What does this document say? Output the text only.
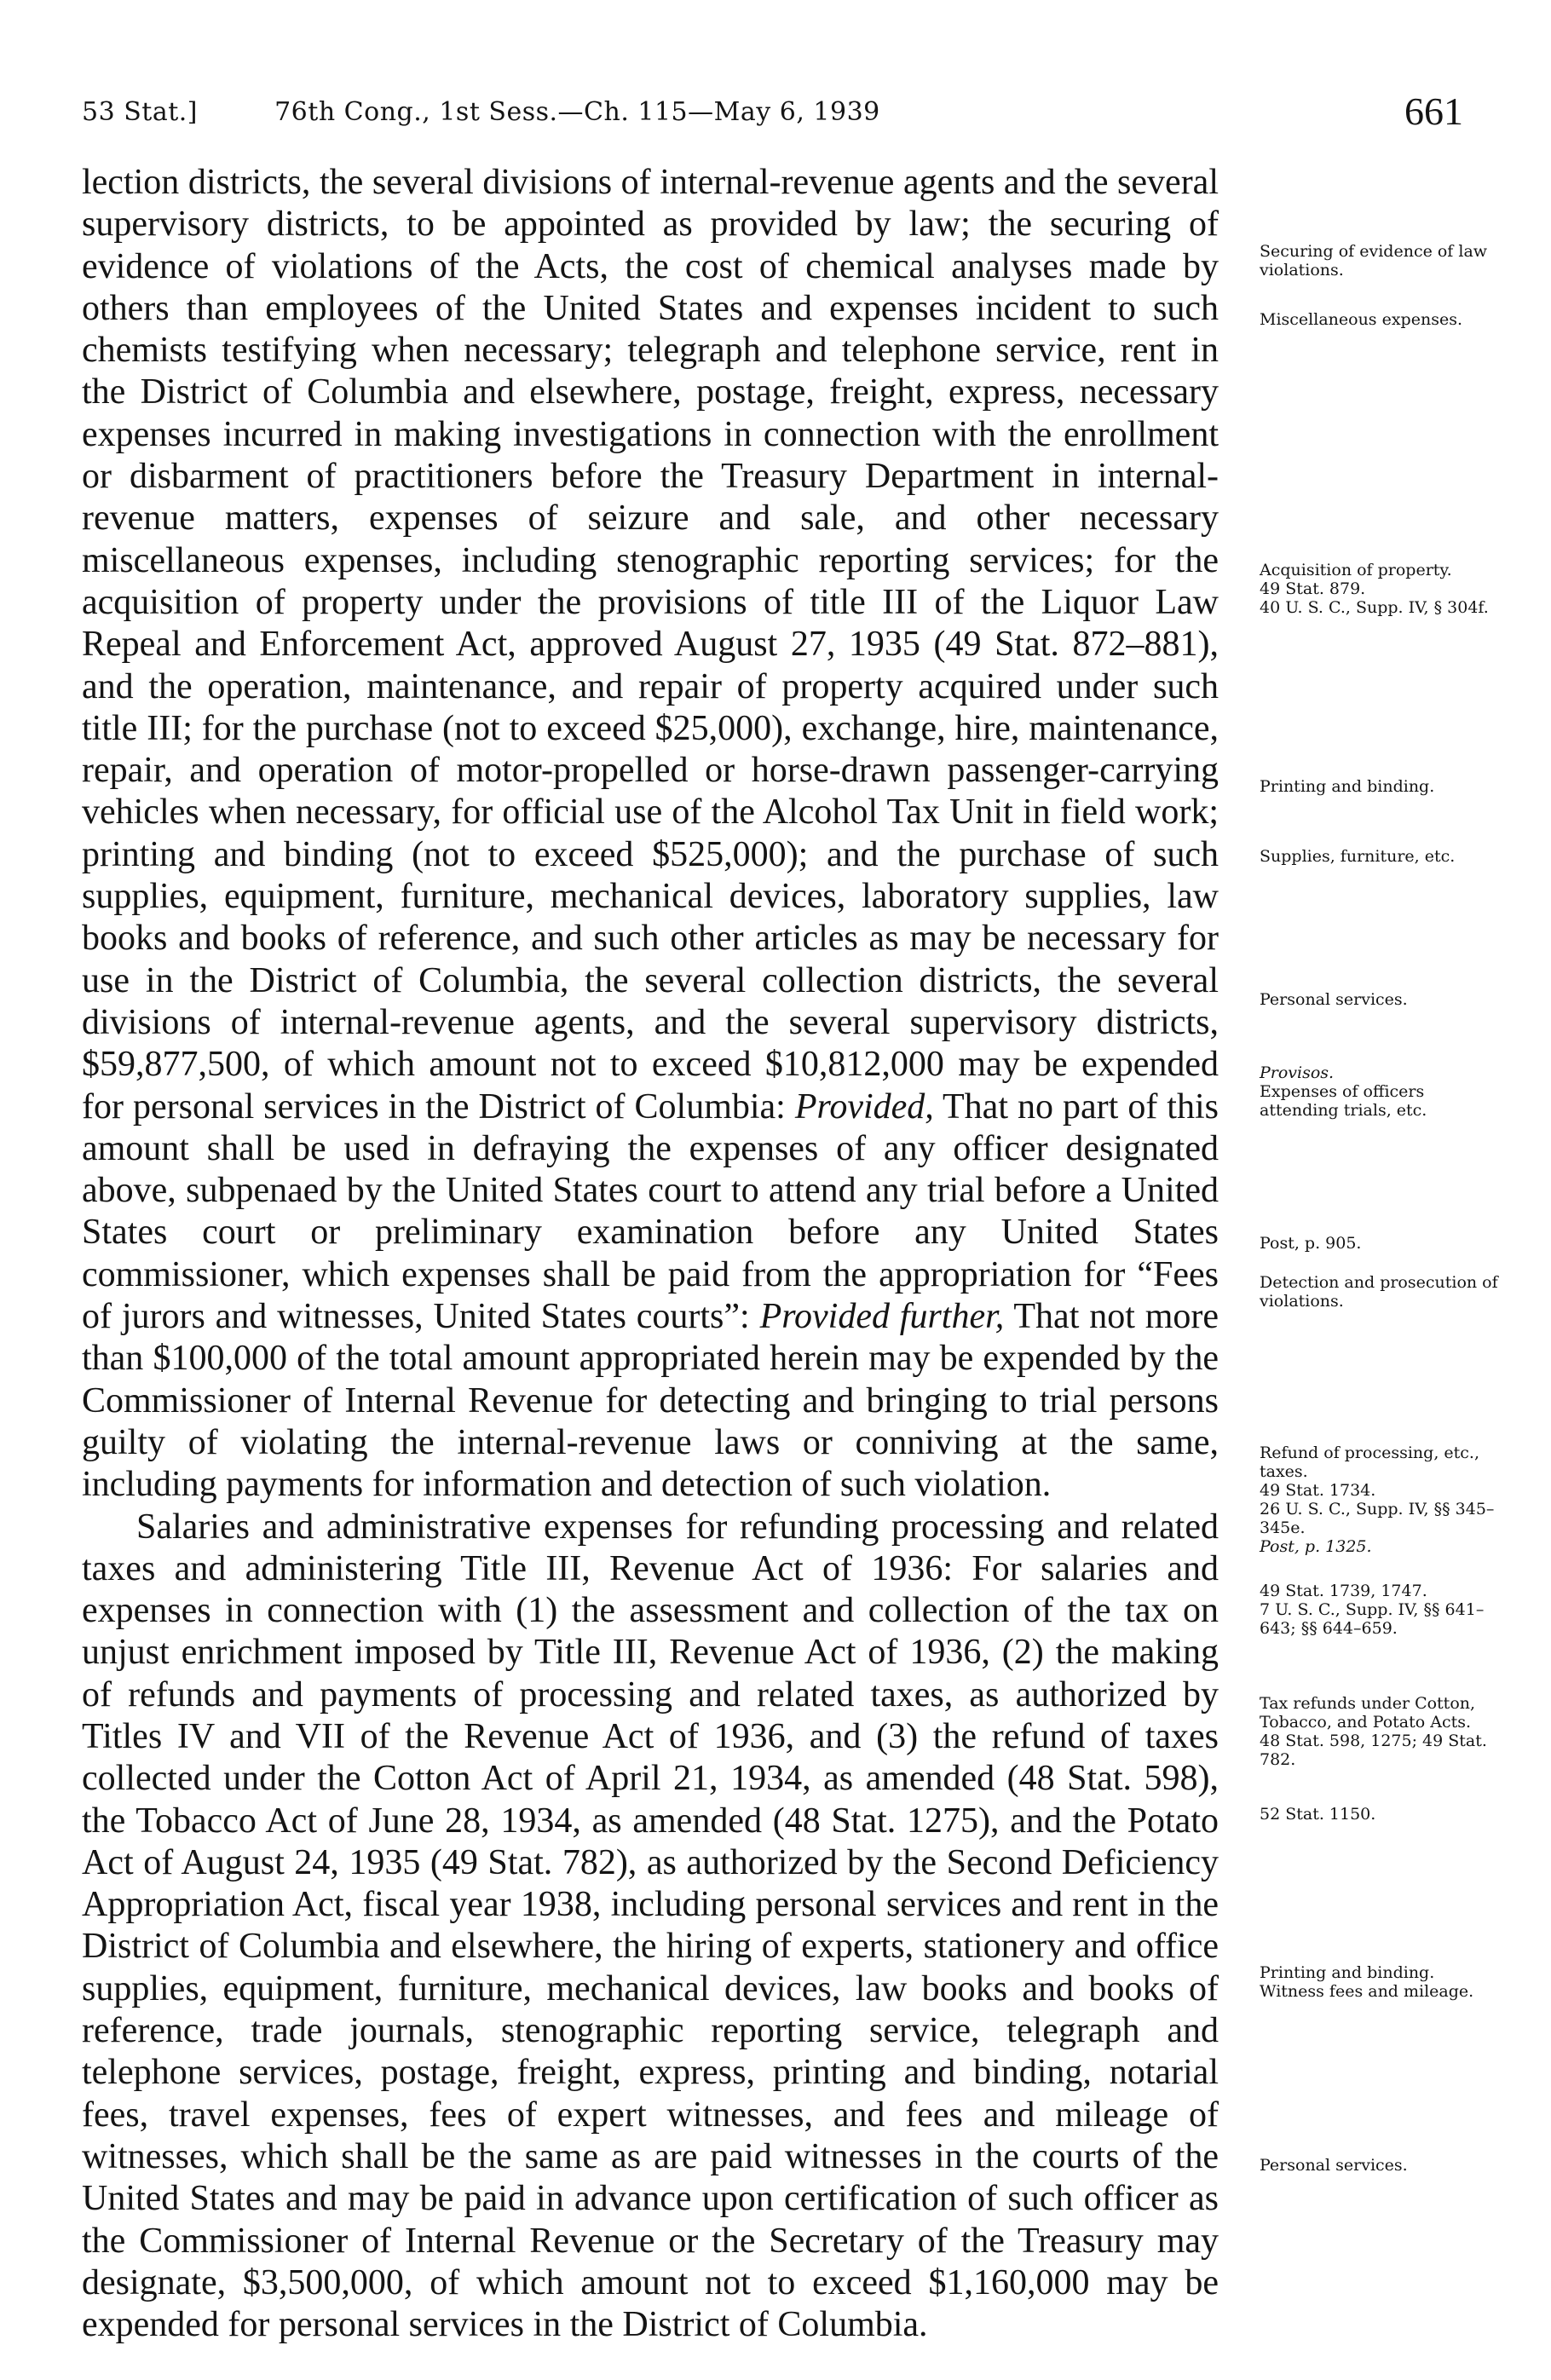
53 Stat.]	76th Cong., 1st Sess.—Ch. 115—May 6, 1939	661

lection districts, the several divisions of internal-revenue agents and the several supervisory districts, to be appointed as provided by law; the securing of evidence of violations of the Acts, the cost of chemical analyses made by others than employees of the United States and expenses incident to such chemists testifying when necessary; telegraph and telephone service, rent in the District of Columbia and elsewhere, postage, freight, express, necessary expenses incurred in making investigations in connection with the enrollment or disbarment of practitioners before the Treasury Department in internal-revenue matters, expenses of seizure and sale, and other necessary miscellaneous expenses, including stenographic reporting services; for the acquisition of property under the provisions of title III of the Liquor Law Repeal and Enforcement Act, approved August 27, 1935 (49 Stat. 872–881), and the operation, maintenance, and repair of property acquired under such title III; for the purchase (not to exceed $25,000), exchange, hire, maintenance, repair, and operation of motor-propelled or horse-drawn passenger-carrying vehicles when necessary, for official use of the Alcohol Tax Unit in field work; printing and binding (not to exceed $525,000); and the purchase of such supplies, equipment, furniture, mechanical devices, laboratory supplies, law books and books of reference, and such other articles as may be necessary for use in the District of Columbia, the several collection districts, the several divisions of internal-revenue agents, and the several supervisory districts, $59,877,500, of which amount not to exceed $10,812,000 may be expended for personal services in the District of Columbia: Provided, That no part of this amount shall be used in defraying the expenses of any officer designated above, subpenaed by the United States court to attend any trial before a United States court or preliminary examination before any United States commissioner, which expenses shall be paid from the appropriation for “Fees of jurors and witnesses, United States courts”: Provided further, That not more than $100,000 of the total amount appropriated herein may be expended by the Commissioner of Internal Revenue for detecting and bringing to trial persons guilty of violating the internal-revenue laws or conniving at the same, including payments for information and detection of such violation.

Salaries and administrative expenses for refunding processing and related taxes and administering Title III, Revenue Act of 1936: For salaries and expenses in connection with (1) the assessment and collection of the tax on unjust enrichment imposed by Title III, Revenue Act of 1936, (2) the making of refunds and payments of processing and related taxes, as authorized by Titles IV and VII of the Revenue Act of 1936, and (3) the refund of taxes collected under the Cotton Act of April 21, 1934, as amended (48 Stat. 598), the Tobacco Act of June 28, 1934, as amended (48 Stat. 1275), and the Potato Act of August 24, 1935 (49 Stat. 782), as authorized by the Second Deficiency Appropriation Act, fiscal year 1938, including personal services and rent in the District of Columbia and elsewhere, the hiring of experts, stationery and office supplies, equipment, furniture, mechanical devices, law books and books of reference, trade journals, stenographic reporting service, telegraph and telephone services, postage, freight, express, printing and binding, notarial fees, travel expenses, fees of expert witnesses, and fees and mileage of witnesses, which shall be the same as are paid witnesses in the courts of the United States and may be paid in advance upon certification of such officer as the Commissioner of Internal Revenue or the Secretary of the Treasury may designate, $3,500,000, of which amount not to exceed $1,160,000 may be expended for personal services in the District of Columbia.

Securing of evidence of law violations.
Miscellaneous expenses.
Acquisition of property.
49 Stat. 879.
40 U. S. C., Supp. IV, § 304f.
Printing and binding.
Supplies, furniture, etc.
Personal services.
Provisos.
Expenses of officers attending trials, etc.
Post, p. 905.
Detection and prosecution of violations.
Refund of processing, etc., taxes.
49 Stat. 1734.
26 U. S. C., Supp. IV, §§ 345–345e.
Post, p. 1325.
49 Stat. 1739, 1747.
7 U. S. C., Supp. IV, §§ 641–643; §§ 644–659.
Tax refunds under Cotton, Tobacco, and Potato Acts.
48 Stat. 598, 1275; 49 Stat. 782.
52 Stat. 1150.
Printing and binding.
Witness fees and mileage.
Personal services.
